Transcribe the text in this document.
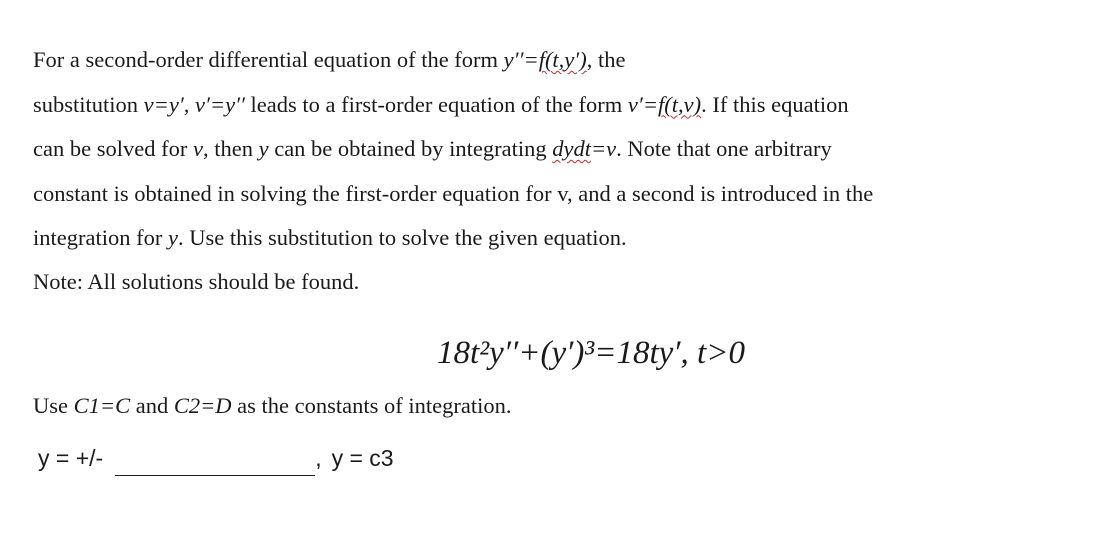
For a second-order differential equation of the form y′′=f(t,y′), the
substitution v=y′, v′=y′′ leads to a first-order equation of the form v′=f(t,v). If this equation
can be solved for v, then y can be obtained by integrating dydt=v. Note that one arbitrary
constant is obtained in solving the first-order equation for v, and a second is introduced in the
integration for y. Use this substitution to solve the given equation.
Note: All solutions should be found.
18t²y′′+(y′)³=18ty′, t>0
Use C1=C and C2=D as the constants of integration.
y = +/-	, y = c3
